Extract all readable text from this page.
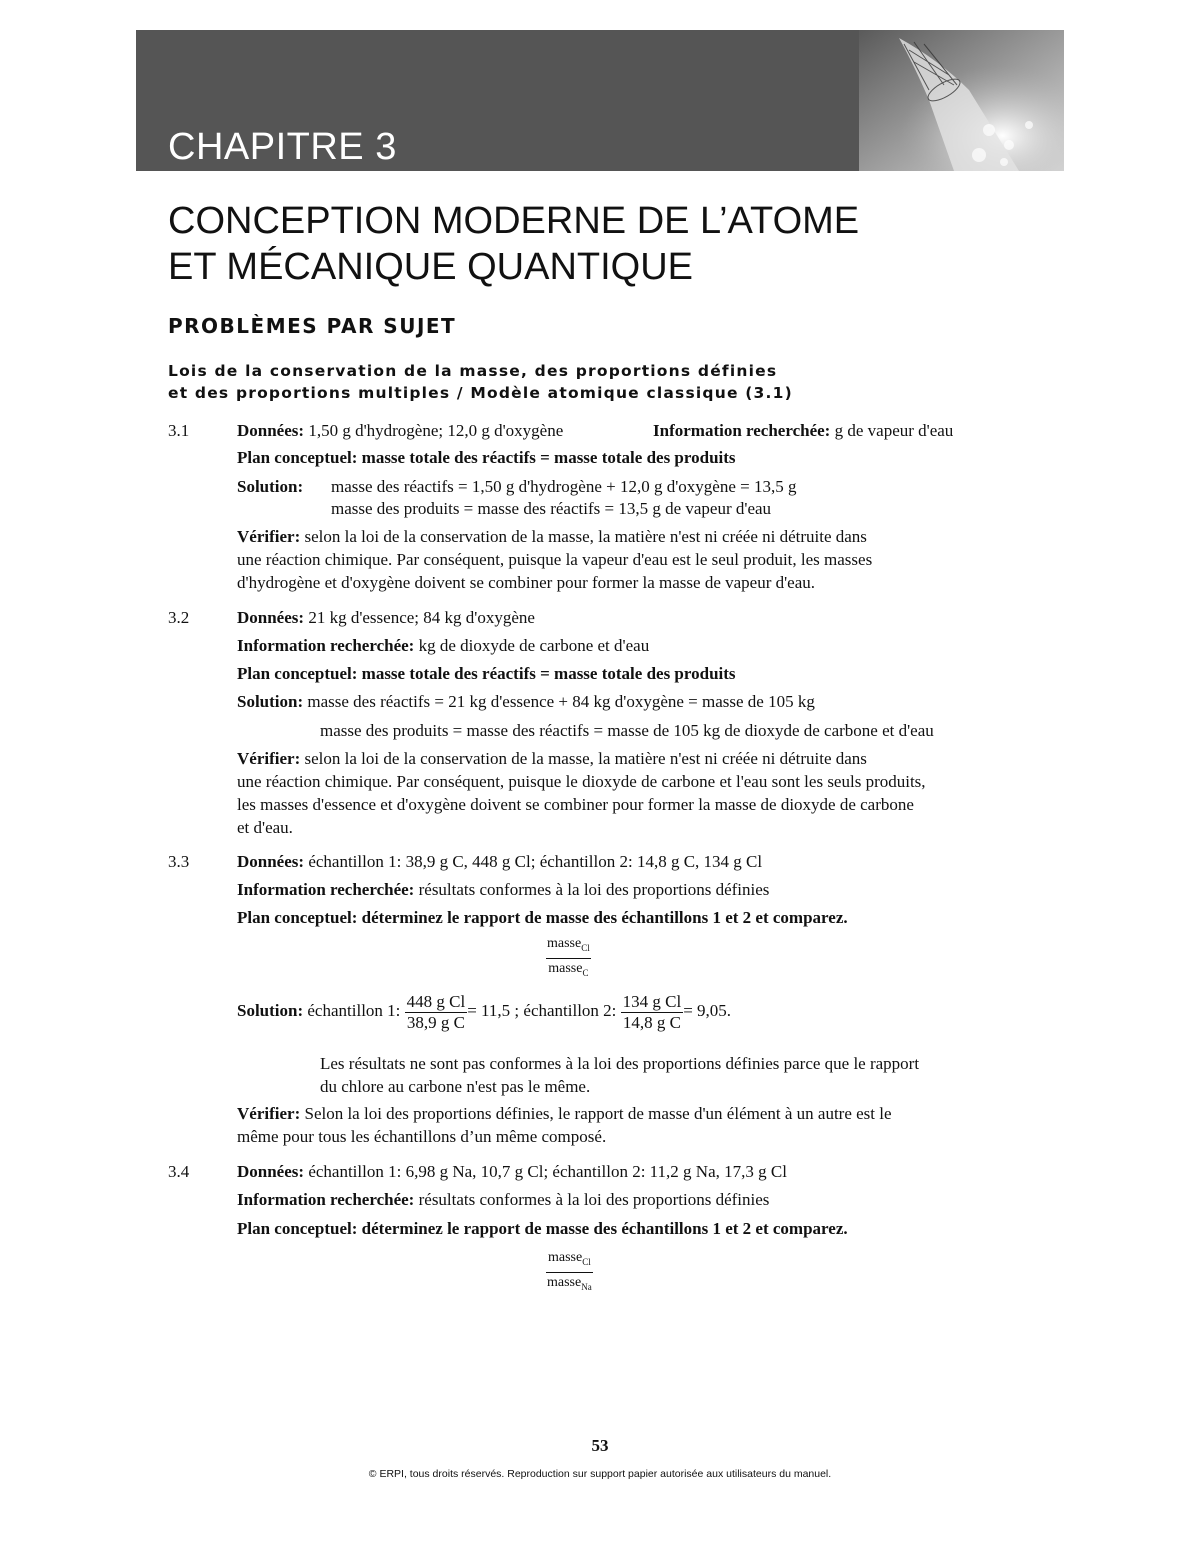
CHAPITRE 3
CONCEPTION MODERNE DE L’ATOME
ET MÉCANIQUE QUANTIQUE
PROBLÈMES PAR SUJET
Lois de la conservation de la masse, des proportions définies
et des proportions multiples / Modèle atomique classique (3.1)
3.1	Données: 1,50 g d'hydrogène; 12,0 g d'oxygène	Information recherchée: g de vapeur d'eau
Plan conceptuel: masse totale des réactifs = masse totale des produits
Solution: masse des réactifs = 1,50 g d'hydrogène + 12,0 g d'oxygène = 13,5 g
masse des produits = masse des réactifs = 13,5 g de vapeur d'eau
Vérifier: selon la loi de la conservation de la masse, la matière n'est ni créée ni détruite dans
une réaction chimique. Par conséquent, puisque la vapeur d'eau est le seul produit, les masses
d'hydrogène et d'oxygène doivent se combiner pour former la masse de vapeur d'eau.
3.2	Données: 21 kg d'essence; 84 kg d'oxygène
Information recherchée: kg de dioxyde de carbone et d'eau
Plan conceptuel: masse totale des réactifs = masse totale des produits
Solution: masse des réactifs = 21 kg d'essence + 84 kg d'oxygène = masse de 105 kg
masse des produits = masse des réactifs = masse de 105 kg de dioxyde de carbone et d'eau
Vérifier: selon la loi de la conservation de la masse, la matière n'est ni créée ni détruite dans
une réaction chimique. Par conséquent, puisque le dioxyde de carbone et l'eau sont les seuls produits,
les masses d'essence et d'oxygène doivent se combiner pour former la masse de dioxyde de carbone
et d'eau.
3.3	Données: échantillon 1: 38,9 g C, 448 g Cl; échantillon 2: 14,8 g C, 134 g Cl
Information recherchée: résultats conformes à la loi des proportions définies
Plan conceptuel: déterminez le rapport de masse des échantillons 1 et 2 et comparez.
masse$_{Cl}$
masse$_C$
Solution: échantillon 1: $\frac{\text{448 g Cl}}{\text{38,9 g C}} = 11,5$ ; échantillon 2: $\frac{\text{134 g Cl}}{\text{14,8 g C}} = 9,05$.
Les résultats ne sont pas conformes à la loi des proportions définies parce que le rapport
du chlore au carbone n'est pas le même.
Vérifier: Selon la loi des proportions définies, le rapport de masse d'un élément à un autre est le
même pour tous les échantillons d’un même composé.
3.4	Données: échantillon 1: 6,98 g Na, 10,7 g Cl; échantillon 2: 11,2 g Na, 17,3 g Cl
Information recherchée: résultats conformes à la loi des proportions définies
Plan conceptuel: déterminez le rapport de masse des échantillons 1 et 2 et comparez.
masse$_{Cl}$
masse$_{Na}$
53
© ERPI, tous droits réservés. Reproduction sur support papier autorisée aux utilisateurs du manuel.
